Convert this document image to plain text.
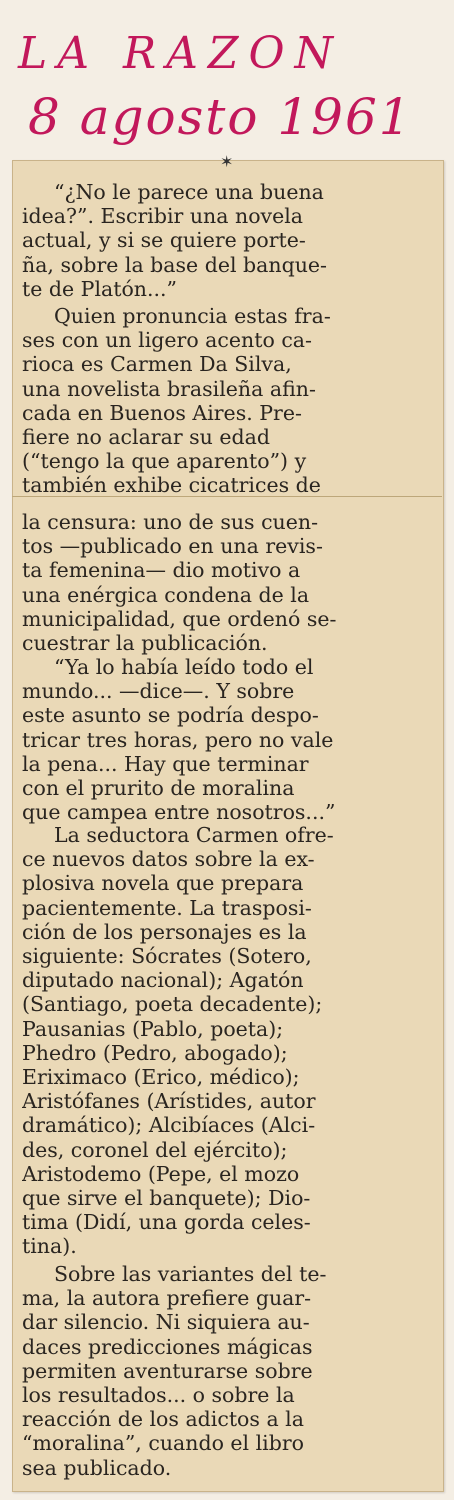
LA RAZON
8 agosto 1961
✶
“¿No le parece una buena
idea?”. Escribir una novela
actual, y si se quiere porte-
ña, sobre la base del banque-
te de Platón...”
Quien pronuncia estas fra-
ses con un ligero acento ca-
rioca es Carmen Da Silva,
una novelista brasileña afin-
cada en Buenos Aires. Pre-
fiere no aclarar su edad
(“tengo la que aparento”) y
también exhibe cicatrices de
la censura: uno de sus cuen-
tos —publicado en una revis-
ta femenina— dio motivo a
una enérgica condena de la
municipalidad, que ordenó se-
cuestrar la publicación.
“Ya lo había leído todo el
mundo... —dice—. Y sobre
este asunto se podría despo-
tricar tres horas, pero no vale
la pena... Hay que terminar
con el prurito de moralina
que campea entre nosotros...”
La seductora Carmen ofre-
ce nuevos datos sobre la ex-
plosiva novela que prepara
pacientemente. La trasposi-
ción de los personajes es la
siguiente: Sócrates (Sotero,
diputado nacional); Agatón
(Santiago, poeta decadente);
Pausanias (Pablo, poeta);
Phedro (Pedro, abogado);
Eriximaco (Erico, médico);
Aristófanes (Arístides, autor
dramático); Alcibíaces (Alci-
des, coronel del ejército);
Aristodemo (Pepe, el mozo
que sirve el banquete); Dio-
tima (Didí, una gorda celes-
tina).
Sobre las variantes del te-
ma, la autora prefiere guar-
dar silencio. Ni siquiera au-
daces predicciones mágicas
permiten aventurarse sobre
los resultados... o sobre la
reacción de los adictos a la
“moralina”, cuando el libro
sea publicado.
